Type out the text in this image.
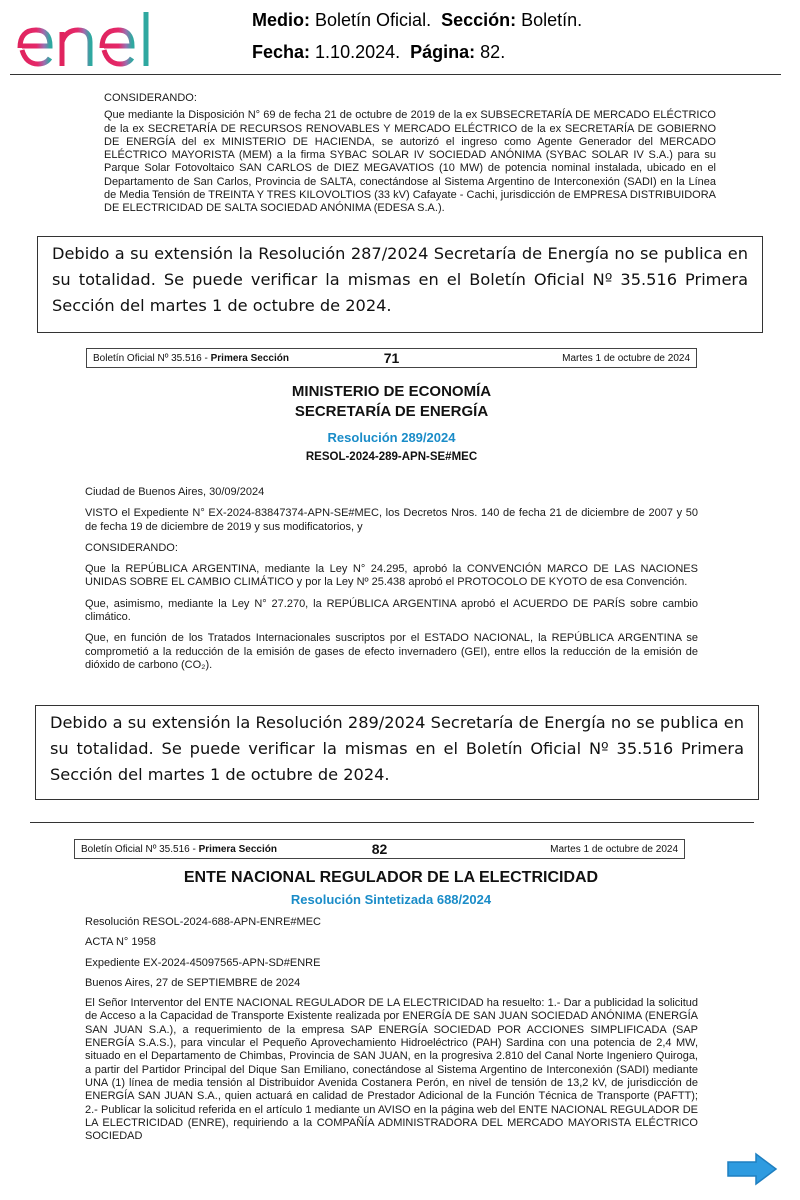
Medio: Boletín Oficial. Sección: Boletín.
Fecha: 1.10.2024. Página: 82.

CONSIDERANDO:

Que mediante la Disposición N° 69 de fecha 21 de octubre de 2019 de la ex SUBSECRETARÍA DE MERCADO ELÉCTRICO de la ex SECRETARÍA DE RECURSOS RENOVABLES Y MERCADO ELÉCTRICO de la ex SECRETARÍA DE GOBIERNO DE ENERGÍA del ex MINISTERIO DE HACIENDA, se autorizó el ingreso como Agente Generador del MERCADO ELÉCTRICO MAYORISTA (MEM) a la firma SYBAC SOLAR IV SOCIEDAD ANÓNIMA (SYBAC SOLAR IV S.A.) para su Parque Solar Fotovoltaico SAN CARLOS de DIEZ MEGAVATIOS (10 MW) de potencia nominal instalada, ubicado en el Departamento de San Carlos, Provincia de SALTA, conectándose al Sistema Argentino de Interconexión (SADI) en la Línea de Media Tensión de TREINTA Y TRES KILOVOLTIOS (33 kV) Cafayate - Cachi, jurisdicción de EMPRESA DISTRIBUIDORA DE ELECTRICIDAD DE SALTA SOCIEDAD ANÓNIMA (EDESA S.A.).

Debido a su extensión la Resolución 287/2024 Secretaría de Energía no se publica en su totalidad. Se puede verificar la mismas en el Boletín Oficial Nº 35.516 Primera Sección del martes 1 de octubre de 2024.
Boletín Oficial Nº 35.516 - Primera Sección	71	Martes 1 de octubre de 2024
MINISTERIO DE ECONOMÍA
SECRETARÍA DE ENERGÍA
Resolución 289/2024
RESOL-2024-289-APN-SE#MEC

Ciudad de Buenos Aires, 30/09/2024

VISTO el Expediente N° EX-2024-83847374-APN-SE#MEC, los Decretos Nros. 140 de fecha 21 de diciembre de 2007 y 50 de fecha 19 de diciembre de 2019 y sus modificatorios, y

CONSIDERANDO:

Que la REPÚBLICA ARGENTINA, mediante la Ley N° 24.295, aprobó la CONVENCIÓN MARCO DE LAS NACIONES UNIDAS SOBRE EL CAMBIO CLIMÁTICO y por la Ley Nº 25.438 aprobó el PROTOCOLO DE KYOTO de esa Convención.

Que, asimismo, mediante la Ley N° 27.270, la REPÚBLICA ARGENTINA aprobó el ACUERDO DE PARÍS sobre cambio climático.

Que, en función de los Tratados Internacionales suscriptos por el ESTADO NACIONAL, la REPÚBLICA ARGENTINA se comprometió a la reducción de la emisión de gases de efecto invernadero (GEI), entre ellos la reducción de la emisión de dióxido de carbono (CO₂).

Debido a su extensión la Resolución 289/2024 Secretaría de Energía no se publica en su totalidad. Se puede verificar la mismas en el Boletín Oficial Nº 35.516 Primera Sección del martes 1 de octubre de 2024.
Boletín Oficial Nº 35.516 - Primera Sección	82	Martes 1 de octubre de 2024
ENTE NACIONAL REGULADOR DE LA ELECTRICIDAD
Resolución Sintetizada 688/2024

Resolución RESOL-2024-688-APN-ENRE#MEC

ACTA N° 1958

Expediente EX-2024-45097565-APN-SD#ENRE

Buenos Aires, 27 de SEPTIEMBRE de 2024

El Señor Interventor del ENTE NACIONAL REGULADOR DE LA ELECTRICIDAD ha resuelto: 1.- Dar a publicidad la solicitud de Acceso a la Capacidad de Transporte Existente realizada por ENERGÍA DE SAN JUAN SOCIEDAD ANÓNIMA (ENERGÍA SAN JUAN S.A.), a requerimiento de la empresa SAP ENERGÍA SOCIEDAD POR ACCIONES SIMPLIFICADA (SAP ENERGÍA S.A.S.), para vincular el Pequeño Aprovechamiento Hidroeléctrico (PAH) Sardina con una potencia de 2,4 MW, situado en el Departamento de Chimbas, Provincia de SAN JUAN, en la progresiva 2.810 del Canal Norte Ingeniero Quiroga, a partir del Partidor Principal del Dique San Emiliano, conectándose al Sistema Argentino de Interconexión (SADI) mediante UNA (1) línea de media tensión al Distribuidor Avenida Costanera Perón, en nivel de tensión de 13,2 kV, de jurisdicción de ENERGÍA SAN JUAN S.A., quien actuará en calidad de Prestador Adicional de la Función Técnica de Transporte (PAFTT); 2.- Publicar la solicitud referida en el artículo 1 mediante un AVISO en la página web del ENTE NACIONAL REGULADOR DE LA ELECTRICIDAD (ENRE), requiriendo a la COMPAÑÍA ADMINISTRADORA DEL MERCADO MAYORISTA ELÉCTRICO SOCIEDAD
